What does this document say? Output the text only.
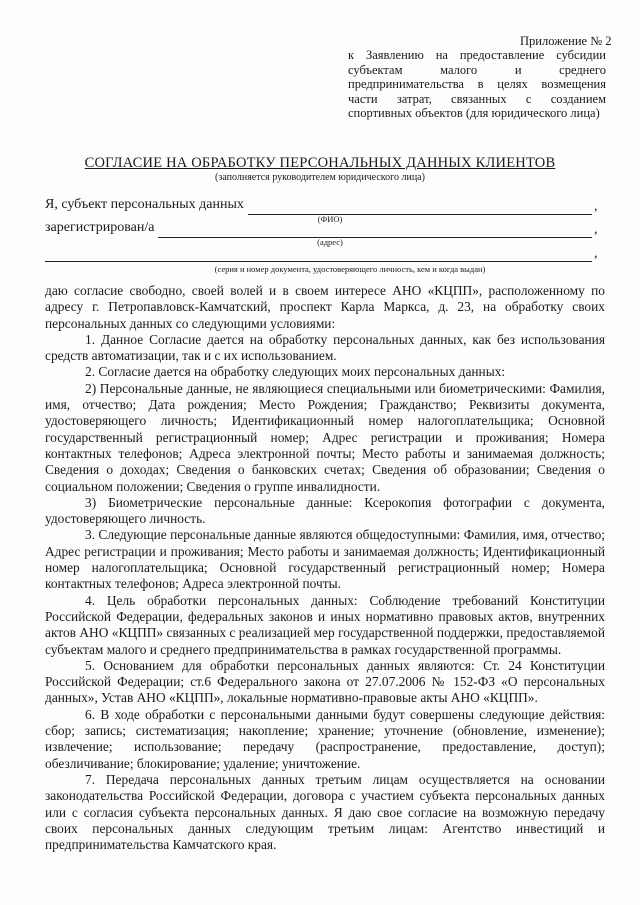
Приложение № 2
к Заявлению на предоставление субсидии субъектам малого и среднего предпринимательства в целях возмещения части затрат, связанных с созданием спортивных объектов (для юридического лица)
СОГЛАСИЕ НА ОБРАБОТКУ ПЕРСОНАЛЬНЫХ ДАННЫХ КЛИЕНТОВ
(заполняется руководителем юридического лица)
Я, субъект персональных данных	,
(ФИО)
зарегистрирован/а	,
(адрес)
,
(серия и номер документа, удостоверяющего личность, кем и когда выдан)

даю согласие свободно, своей волей и в своем интересе АНО «КЦПП», расположенному по адресу г. Петропавловск-Камчатский, проспект Карла Маркса, д. 23, на обработку своих персональных данных со следующими условиями:

1. Данное Согласие дается на обработку персональных данных, как без использования средств автоматизации, так и с их использованием.

2. Согласие дается на обработку следующих моих персональных данных:

2) Персональные данные, не являющиеся специальными или биометрическими: Фамилия, имя, отчество; Дата рождения; Место Рождения; Гражданство; Реквизиты документа, удостоверяющего личность; Идентификационный номер налогоплательщика; Основной государственный регистрационный номер; Адрес регистрации и проживания; Номера контактных телефонов; Адреса электронной почты; Место работы и занимаемая должность; Сведения о доходах; Сведения о банковских счетах; Сведения об образовании; Сведения о социальном положении; Сведения о группе инвалидности.

3) Биометрические персональные данные: Ксерокопия фотографии с документа, удостоверяющего личность.

3. Следующие персональные данные являются общедоступными: Фамилия, имя, отчество; Адрес регистрации и проживания; Место работы и занимаемая должность; Идентификационный номер налогоплательщика; Основной государственный регистрационный номер; Номера контактных телефонов; Адреса электронной почты.

4. Цель обработки персональных данных: Соблюдение требований Конституции Российской Федерации, федеральных законов и иных нормативно правовых актов, внутренних актов АНО «КЦПП» связанных с реализацией мер государственной поддержки, предоставляемой субъектам малого и среднего предпринимательства в рамках государственной программы.

5. Основанием для обработки персональных данных являются: Ст. 24 Конституции Российской Федерации; ст.6 Федерального закона от 27.07.2006 № 152-ФЗ «О персональных данных», Устав АНО «КЦПП», локальные нормативно-правовые акты АНО «КЦПП».

6. В ходе обработки с персональными данными будут совершены следующие действия: сбор; запись; систематизация; накопление; хранение; уточнение (обновление, изменение); извлечение; использование; передачу (распространение, предоставление, доступ); обезличивание; блокирование; удаление; уничтожение.

7. Передача персональных данных третьим лицам осуществляется на основании законодательства Российской Федерации, договора с участием субъекта персональных данных или с согласия субъекта персональных данных. Я даю свое согласие на возможную передачу своих персональных данных следующим третьим лицам: Агентство инвестиций и предпринимательства Камчатского края.
